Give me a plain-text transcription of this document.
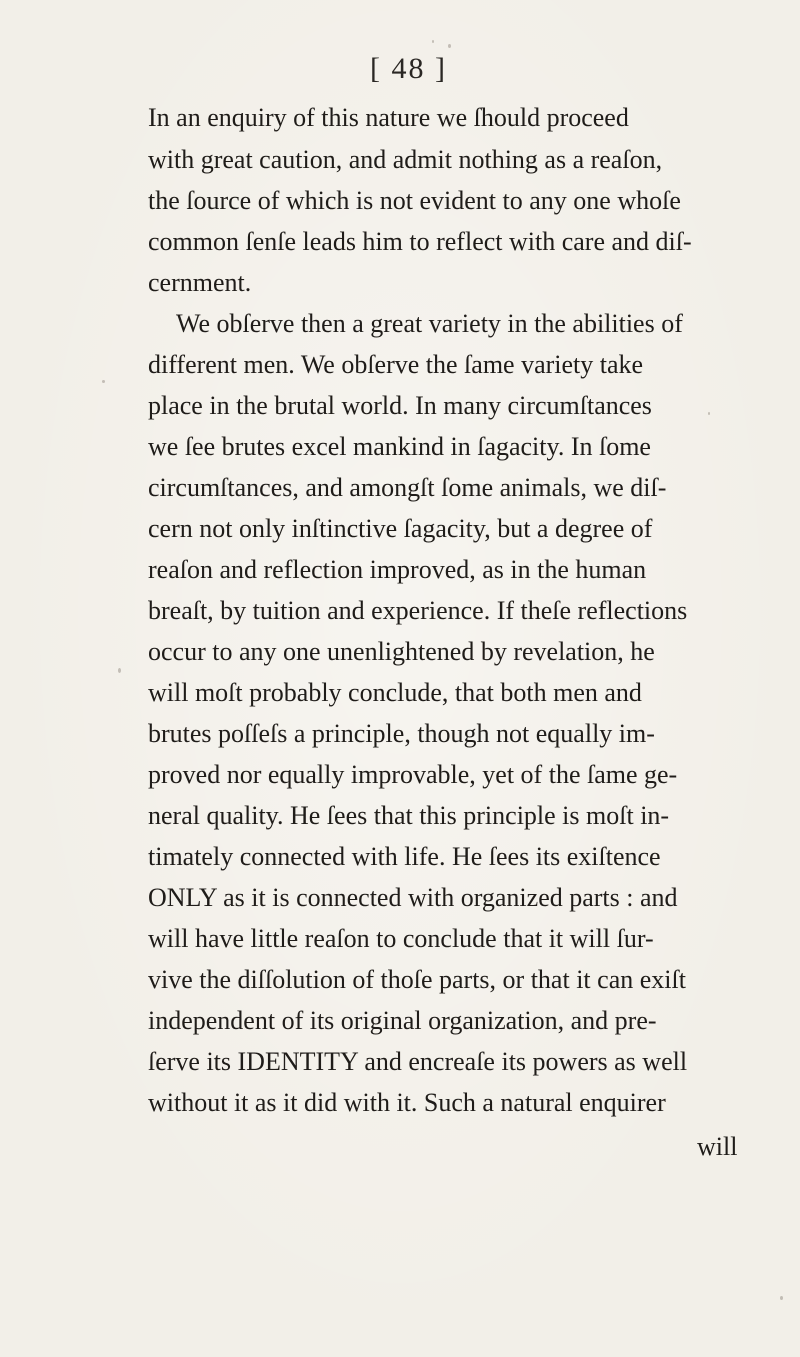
[ 48 ]
In an enquiry of this nature we ſhould proceed
with great caution, and admit nothing as a reaſon,
the ſource of which is not evident to any one whoſe
common ſenſe leads him to reflect with care and diſ-
cernment.
We obſerve then a great variety in the abilities of
different men. We obſerve the ſame variety take
place in the brutal world. In many circumſtances
we ſee brutes excel mankind in ſagacity. In ſome
circumſtances, and amongſt ſome animals, we diſ-
cern not only inſtinctive ſagacity, but a degree of
reaſon and reflection improved, as in the human
breaſt, by tuition and experience. If theſe reflections
occur to any one unenlightened by revelation, he
will moſt probably conclude, that both men and
brutes poſſeſs a principle, though not equally im-
proved nor equally improvable, yet of the ſame ge-
neral quality. He ſees that this principle is moſt in-
timately connected with life. He ſees its exiſtence
ONLY as it is connected with organized parts : and
will have little reaſon to conclude that it will ſur-
vive the diſſolution of thoſe parts, or that it can exiſt
independent of its original organization, and pre-
ſerve its IDENTITY and encreaſe its powers as well
without it as it did with it. Such a natural enquirer
will
